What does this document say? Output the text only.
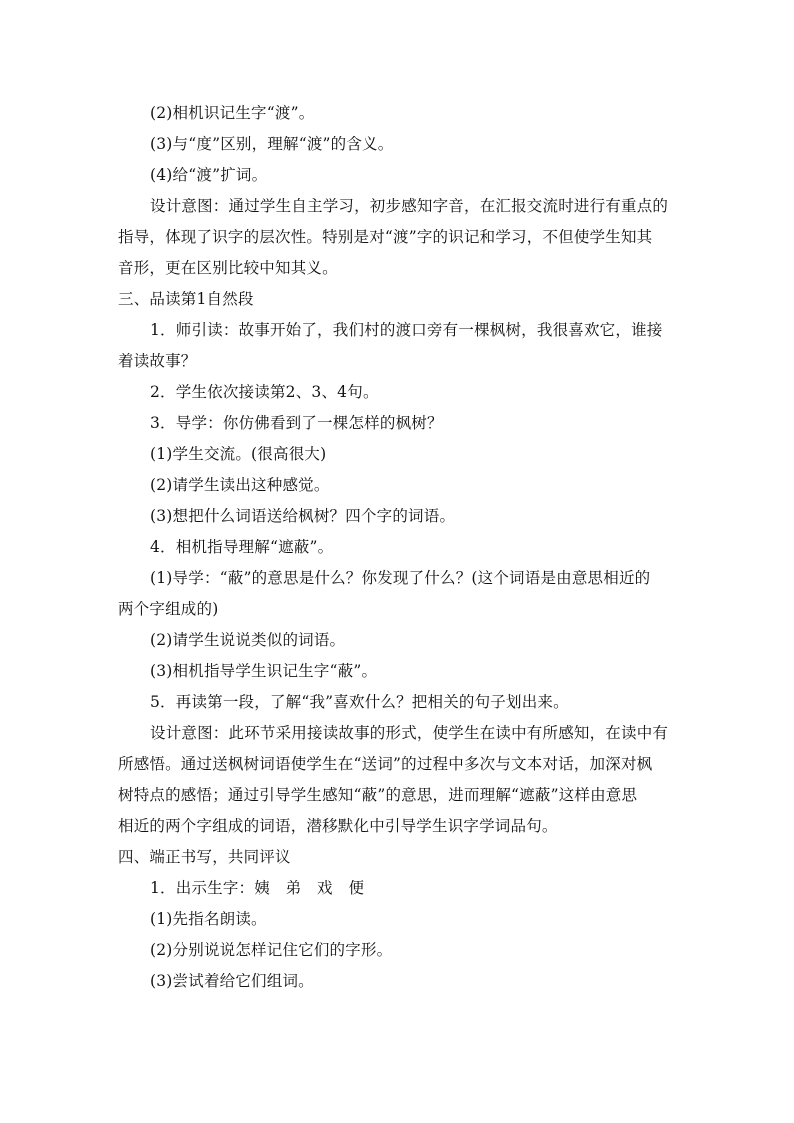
(2)相机识记生字“渡”。
(3)与“度”区别，理解“渡”的含义。
(4)给“渡”扩词。
设计意图：通过学生自主学习，初步感知字音，在汇报交流时进行有重点的
指导，体现了识字的层次性。特别是对“渡”字的识记和学习，不但使学生知其
音形，更在区别比较中知其义。
三、品读第1自然段
1．师引读：故事开始了，我们村的渡口旁有一棵枫树，我很喜欢它，谁接
着读故事？
2．学生依次接读第2、3、4句。
3．导学：你仿佛看到了一棵怎样的枫树？
(1)学生交流。(很高很大)
(2)请学生读出这种感觉。
(3)想把什么词语送给枫树？四个字的词语。
4．相机指导理解“遮蔽”。
(1)导学：“蔽”的意思是什么？你发现了什么？(这个词语是由意思相近的
两个字组成的)
(2)请学生说说类似的词语。
(3)相机指导学生识记生字“蔽”。
5．再读第一段，了解“我”喜欢什么？把相关的句子划出来。
设计意图：此环节采用接读故事的形式，使学生在读中有所感知，在读中有
所感悟。通过送枫树词语使学生在“送词”的过程中多次与文本对话，加深对枫
树特点的感悟；通过引导学生感知“蔽”的意思，进而理解“遮蔽”这样由意思
相近的两个字组成的词语，潜移默化中引导学生识字学词品句。
四、端正书写，共同评议
1．出示生字：姨　弟　戏　便
(1)先指名朗读。
(2)分别说说怎样记住它们的字形。
(3)尝试着给它们组词。
